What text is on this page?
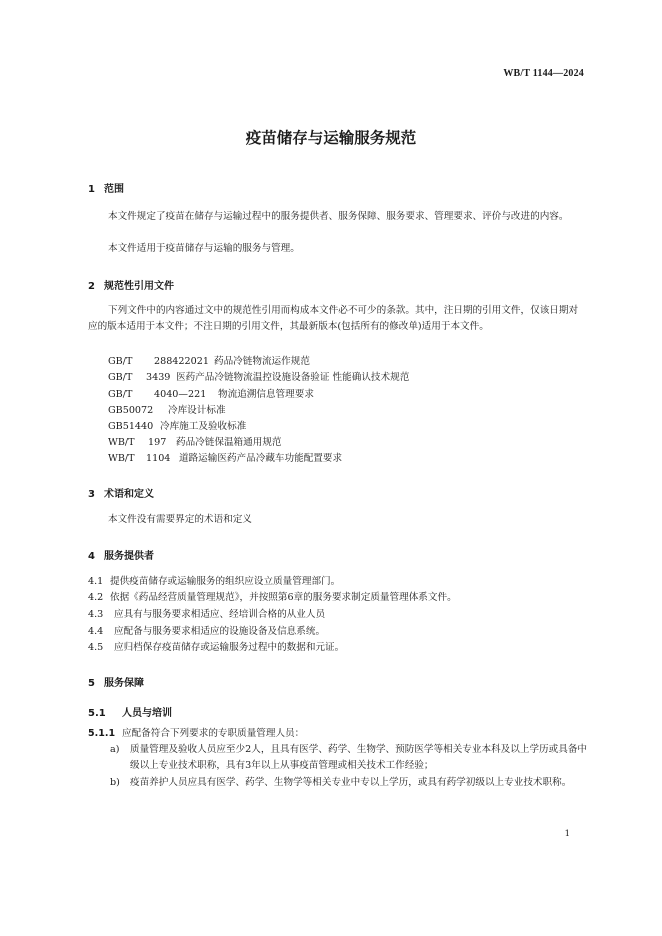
WB/T 1144—2024
疫苗储存与运输服务规范
1 范围
本文件规定了疫苗在储存与运输过程中的服务提供者、服务保障、服务要求、管理要求、评价与改进的内容。
本文件适用于疫苗储存与运输的服务与管理。
2 规范性引用文件
下列文件中的内容通过文中的规范性引用而构成本文件必不可少的条款。其中，注日期的引用文件，仅该日期对应的版本适用于本文件；不注日期的引用文件，其最新版本(包括所有的修改单)适用于本文件。
GB/T 288422021 药品冷链物流运作规范
GB/T 3439 医药产品冷链物流温控设施设备验证 性能确认技术规范
GB/T 4040—221 物流追溯信息管理要求
GB50072 冷库设计标准
GB51440 冷库施工及验收标准
WB/T 197 药品冷链保温箱通用规范
WB/T 1104 道路运输医药产品冷藏车功能配置要求
3 术语和定义
本文件没有需要界定的术语和定义
4 服务提供者
4.1 提供疫苗储存或运输服务的组织应设立质量管理部门。
4.2 依据《药品经营质量管理规范》，并按照第6章的服务要求制定质量管理体系文件。
4.3 应具有与服务要求相适应、经培训合格的从业人员
4.4 应配备与服务要求相适应的设施设备及信息系统。
4.5 应归档保存疫苗储存或运输服务过程中的数据和元证。
5 服务保障
5.1 人员与培训
5.1.1 应配备符合下列要求的专职质量管理人员：
a) 质量管理及验收人员应至少2人，且具有医学、药学、生物学、预防医学等相关专业本科及以上学历或具备中级以上专业技术职称，具有3年以上从事疫苗管理或相关技术工作经验；
b) 疫苗养护人员应具有医学、药学、生物学等相关专业中专以上学历，或具有药学初级以上专业技术职称。
1
